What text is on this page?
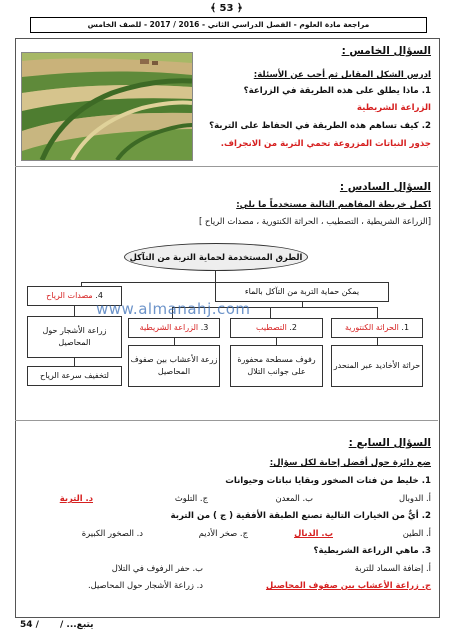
﴾ 53 ﴿
مراجعة مادة العلوم - الفصل الدراسي الثاني - 2016 / 2017 - للصف الخامس
السؤال الخامس :
ادرس الشكل المقابل ثم أجب عن الأسئلة:
1. ماذا يطلق على هذه الطريقة في الزراعة؟
الزراعة الشريطية
2. كيف تساهم هذه الطريقة في الحفاظ على التربة؟
جذور النباتات المزروعة تحمي التربة من الانجراف.
السؤال السادس :
اكمل خريطة المفاهيم التالية مستخدماً ما يلي:
[الزراعة الشريطية ، التصطيب ، الحراثة الكنتورية ، مصدات الرياح ]
الطرق المستخدمة لحماية التربة من التآكل
4.

مصدات الرياح	يمكن حماية التربة من التآكل بالماء
www.almanahj.com
زراعة الأشجار حول المحاصيل
لتخفيف سرعة الرياح
1.

الحراثة الكنتورية
2.

التصطيب
3.

الزراعة الشريطية
حراثة الأخاديد عبر المنحدر
رفوف مسطحة محفورة على جوانب التلال
زرعة الأعشاب بين صفوف المحاصيل
السؤال السابع :
ضع دائرة حول أفضل إجابة لكل سؤال:
1. خليط من فتات الصخور وبقايا نباتات وحيوانات
أ. الدوبال
ب. المعدن
ج. التلوث
د. التربة
2. أيٌّ من الخيارات التالية تصنع الطبقة الأفقية ( ج ) من التربة
أ. الطين
ب. الدبال
ج. صخر الأديم
د. الصخور الكبيرة
3. ماهي الزراعة الشريطية؟
أ. إضافة السماد للتربة
ب. حفر الرفوف في التلال
ج. زراعة الأعشاب بين صفوف المحاصيل
د. زراعة الأشجار حول المحاصيل.
54 / يتبع... /
